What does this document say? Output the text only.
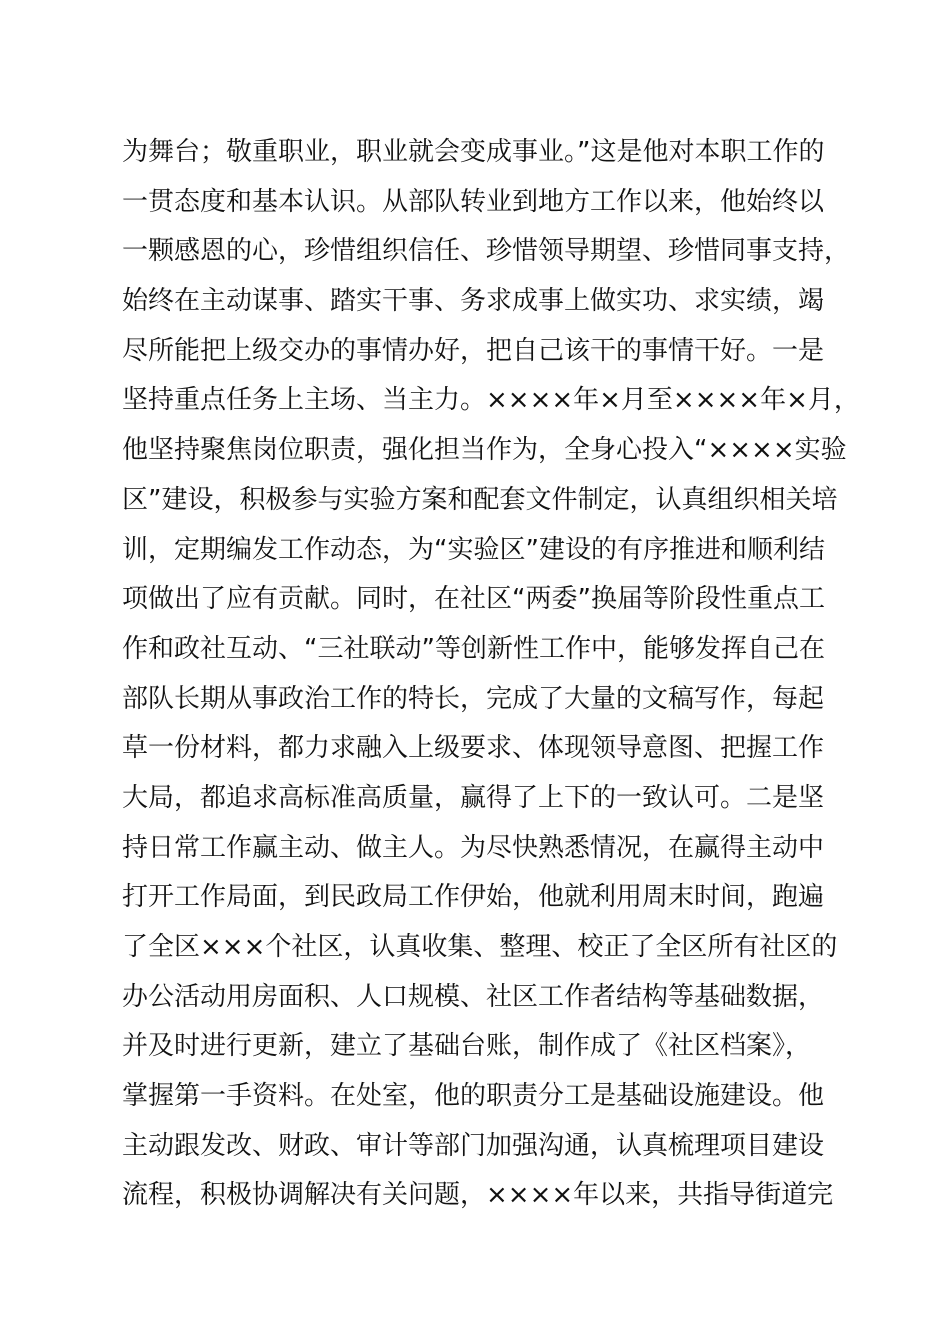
为舞台；敬重职业，职业就会变成事业。”这是他对本职工作的
一贯态度和基本认识。从部队转业到地方工作以来，他始终以
一颗感恩的心，珍惜组织信任、珍惜领导期望、珍惜同事支持，
始终在主动谋事、踏实干事、务求成事上做实功、求实绩，竭
尽所能把上级交办的事情办好，把自己该干的事情干好。一是
坚持重点任务上主场、当主力。××××年×月至××××年×月，
他坚持聚焦岗位职责，强化担当作为，全身心投入“××××实验
区”建设，积极参与实验方案和配套文件制定，认真组织相关培
训，定期编发工作动态，为“实验区”建设的有序推进和顺利结
项做出了应有贡献。同时，在社区“两委”换届等阶段性重点工
作和政社互动、“三社联动”等创新性工作中，能够发挥自己在
部队长期从事政治工作的特长，完成了大量的文稿写作，每起
草一份材料，都力求融入上级要求、体现领导意图、把握工作
大局，都追求高标准高质量，赢得了上下的一致认可。二是坚
持日常工作赢主动、做主人。为尽快熟悉情况，在赢得主动中
打开工作局面，到民政局工作伊始，他就利用周末时间，跑遍
了全区×××个社区，认真收集、整理、校正了全区所有社区的
办公活动用房面积、人口规模、社区工作者结构等基础数据，
并及时进行更新，建立了基础台账，制作成了《社区档案》，
掌握第一手资料。在处室，他的职责分工是基础设施建设。他
主动跟发改、财政、审计等部门加强沟通，认真梳理项目建设
流程，积极协调解决有关问题，××××年以来，共指导街道完
